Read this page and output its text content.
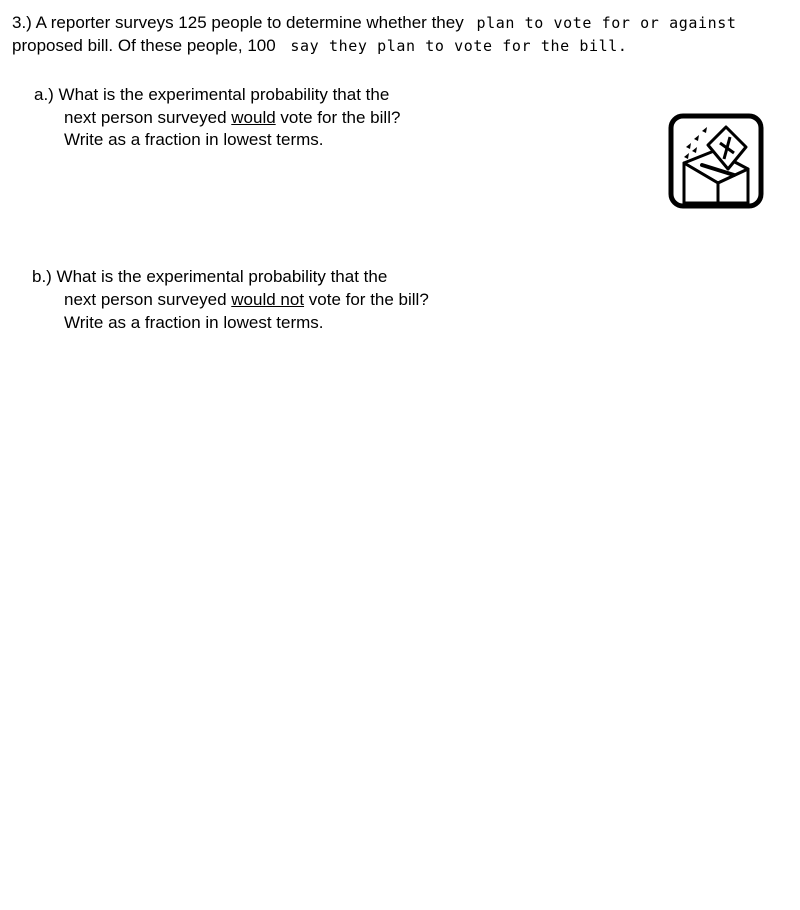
3.) A reporter surveys 125 people to determine whether they plan to vote for or against
proposed bill. Of these people, 100 say they plan to vote for the bill.
a.) What is the experimental probability that the
next person surveyed would vote for the bill?
Write as a fraction in lowest terms.
b.) What is the experimental probability that the
next person surveyed would not vote for the bill?
Write as a fraction in lowest terms.
